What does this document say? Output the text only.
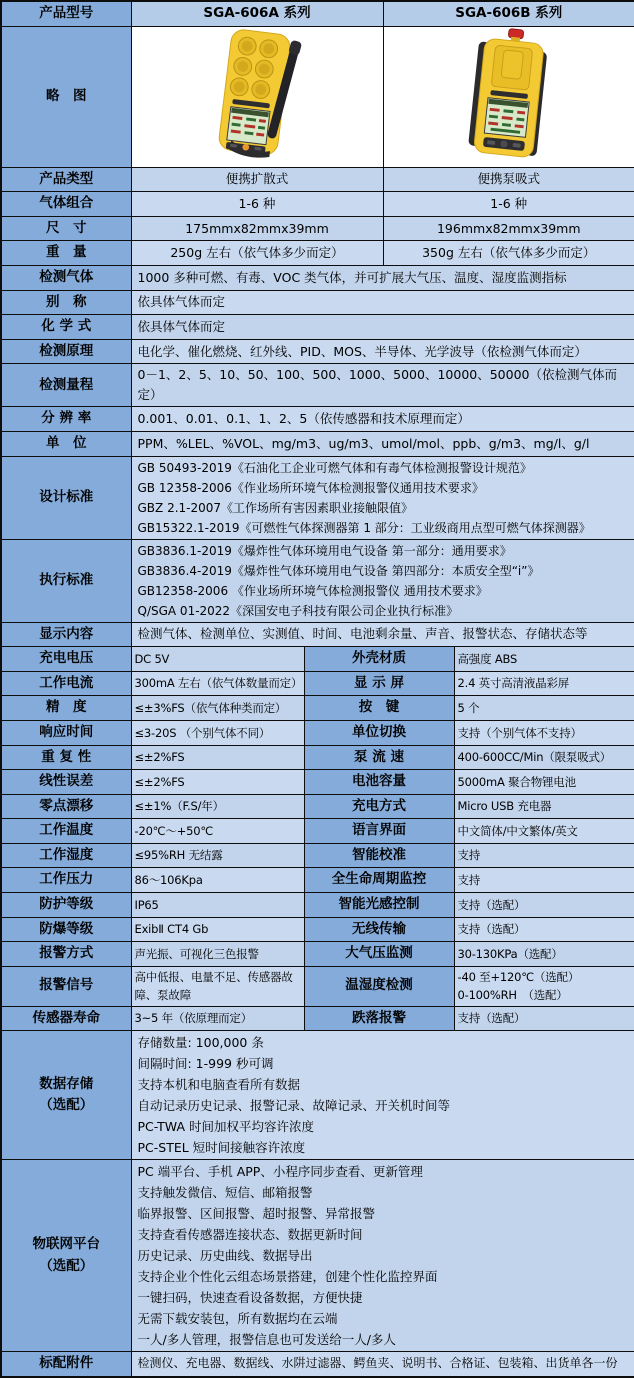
产品型号	SGA-606A 系列		SGA-606B 系列	
略　图		
产品类型	便携扩散式		便携泵吸式	
气体组合	1-6 种		1-6 种	
尺　寸	175mmx82mmx39mm		196mmx82mmx39mm	
重　量	250g 左右（依气体多少而定）		350g 左右（依气体多少而定）	
检测气体	1000 多种可燃、有毒、VOC 类气体，并可扩展大气压、温度、湿度监测指标			
别　称	依具体气体而定			
化 学 式	依具体气体而定			
检测原理	电化学、催化燃烧、红外线、PID、MOS、半导体、光学波导（依检测气体而定）			
检测量程	0－1、2、5、10、50、100、500、1000、5000、10000、50000（依检测气体而定）			
分 辨 率	0.001、0.01、0.1、1、2、5（依传感器和技术原理而定）			
单　位	PPM、%LEL、%VOL、mg/m3、ug/m3、umol/mol、ppb、g/m3、mg/l、g/l			
设计标准	GB 50493-2019《石油化工企业可燃气体和有毒气体检测报警设计规范》
GB 12358-2006《作业场所环境气体检测报警仪通用技术要求》
GBZ 2.1-2007《工作场所有害因素职业接触限值》
GB15322.1-2019《可燃性气体探测器第 1 部分：工业级商用点型可燃气体探测器》			

执行标准	GB3836.1-2019《爆炸性气体环境用电气设备 第一部分：通用要求》
GB3836.4-2019《爆炸性气体环境用电气设备 第四部分：本质安全型“i”》
GB12358-2006 《作业场所环境气体检测报警仪 通用技术要求》
Q/SGA 01-2022《深国安电子科技有限公司企业执行标准》			

显示内容	检测气体、检测单位、实测值、时间、电池剩余量、声音、报警状态、存储状态等			
充电电压	DC 5V	外壳材质		高强度 ABS
工作电流	300mA 左右（依气体数量而定）	显 示 屏		2.4 英寸高清液晶彩屏
精　度	≤±3%FS（依气体种类而定）	按　键		5 个
响应时间	≤3-20S （个别气体不同）	单位切换		支持（个别气体不支持）
重 复 性	≤±2%FS	泵 流 速		400-600CC/Min（限泵吸式）
线性误差	≤±2%FS	电池容量		5000mA 聚合物锂电池
零点漂移	≤±1%（F.S/年）	充电方式		Micro USB 充电器
工作温度	-20℃～+50℃	语言界面		中文简体/中文繁体/英文
工作湿度	≤95%RH 无结露	智能校准		支持
工作压力	86～106Kpa	全生命周期监控		支持
防护等级	IP65	智能光感控制		支持（选配）
防爆等级	ExibⅡ CT4 Gb	无线传输		支持（选配）
报警方式	声光振、可视化三色报警	大气压监测		30-130KPa（选配）
报警信号	高中低报、电量不足、传感器故障、泵故障	温湿度检测		-40 至+120℃（选配）
0-100%RH　（选配）

传感器寿命	3~5 年（依原理而定）	跌落报警		支持（选配）

数据存储
（选配）

存储数量: 100,000 条
间隔时间: 1-999 秒可调
支持本机和电脑查看所有数据
自动记录历史记录、报警记录、故障记录、开关机时间等
PC-TWA 时间加权平均容许浓度
PC-STEL 短时间接触容许浓度

物联网平台
（选配）

PC 端平台、手机 APP、小程序同步查看、更新管理
支持触发微信、短信、邮箱报警
临界报警、区间报警、超时报警、异常报警
支持查看传感器连接状态、数据更新时间
历史记录、历史曲线、数据导出
支持企业个性化云组态场景搭建，创建个性化监控界面
一键扫码，快速查看设备数据，方便快捷
无需下载安装包，所有数据均在云端
一人/多人管理，报警信息也可发送给一人/多人

标配附件	检测仪、充电器、数据线、水阱过滤器、鳄鱼夹、说明书、合格证、包装箱、出货单各一份			
